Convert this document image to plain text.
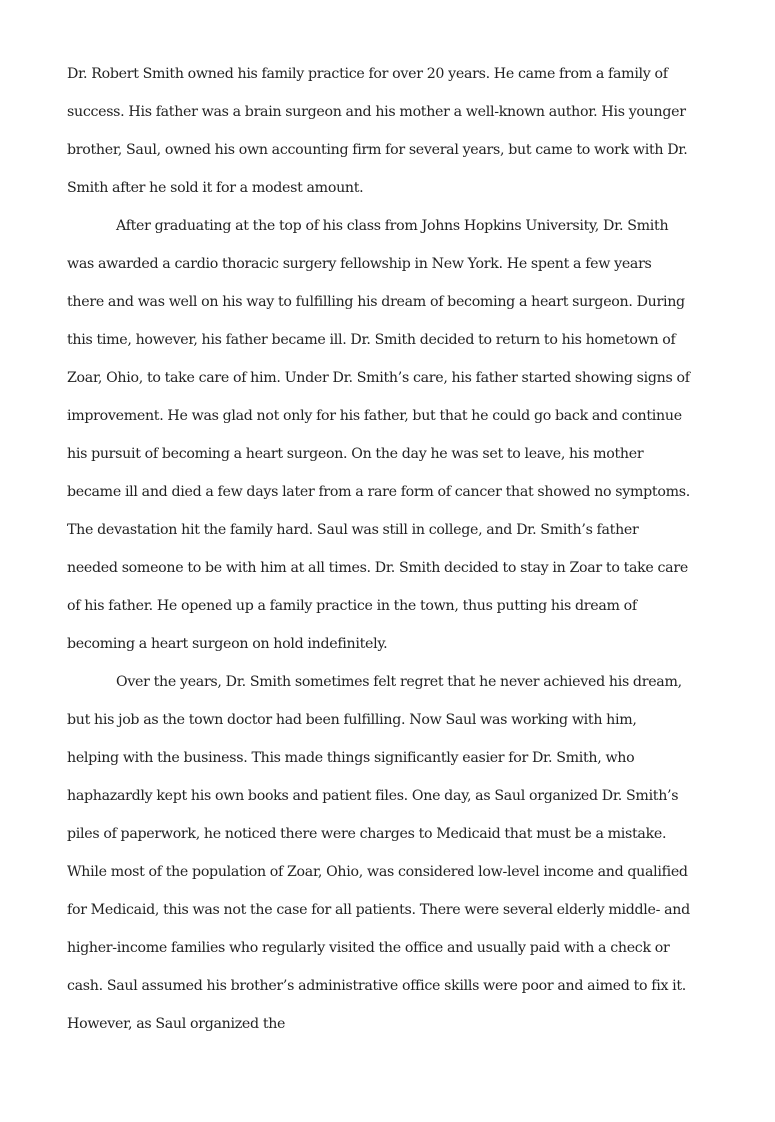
Dr. Robert Smith owned his family practice for over 20 years. He came from a family of success. His father was a brain surgeon and his mother a well-known author. His younger brother, Saul, owned his own accounting firm for several years, but came to work with Dr. Smith after he sold it for a modest amount.

After graduating at the top of his class from Johns Hopkins University, Dr. Smith was awarded a cardio thoracic surgery fellowship in New York. He spent a few years there and was well on his way to fulfilling his dream of becoming a heart surgeon. During this time, however, his father became ill. Dr. Smith decided to return to his hometown of Zoar, Ohio, to take care of him. Under Dr. Smith’s care, his father started showing signs of improvement. He was glad not only for his father, but that he could go back and continue his pursuit of becoming a heart surgeon. On the day he was set to leave, his mother became ill and died a few days later from a rare form of cancer that showed no symptoms. The devastation hit the family hard. Saul was still in college, and Dr. Smith’s father needed someone to be with him at all times. Dr. Smith decided to stay in Zoar to take care of his father. He opened up a family practice in the town, thus putting his dream of becoming a heart surgeon on hold indefinitely.

Over the years, Dr. Smith sometimes felt regret that he never achieved his dream, but his job as the town doctor had been fulfilling. Now Saul was working with him, helping with the business. This made things significantly easier for Dr. Smith, who haphazardly kept his own books and patient files. One day, as Saul organized Dr. Smith’s piles of paperwork, he noticed there were charges to Medicaid that must be a mistake. While most of the population of Zoar, Ohio, was considered low-level income and qualified for Medicaid, this was not the case for all patients. There were several elderly middle- and higher-income families who regularly visited the office and usually paid with a check or cash. Saul assumed his brother’s administrative office skills were poor and aimed to fix it. However, as Saul organized the
